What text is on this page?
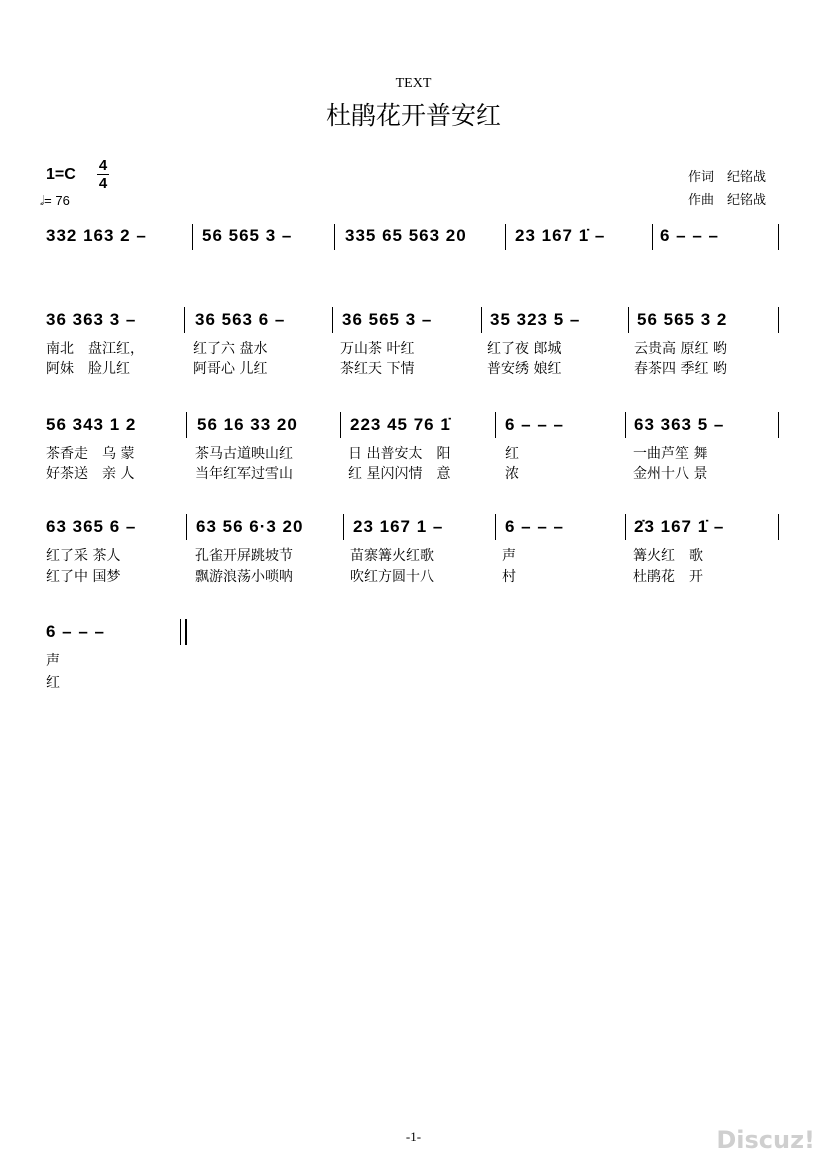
TEXT
杜鹃花开普安红
1=C
4
4
𝅗𝅥= 76
作词　纪铭战
作曲　纪铭战
332 163 2 –	56 565 3 –	335 65 563 20	23 167 1̇ –	6 – – –
36 363 3 –	36 563 6 –	36 565 3 –	35 323 5 –	56 565 3 2
南北　盘江红，	红了六 盘水	万山茶 叶红	红了夜 郎城	云贵高 原红 哟
阿妹　脸儿红	阿哥心 儿红	茶红天 下情	普安绣 娘红	春茶四 季红 哟
56 343 1 2	56 16 33 20	223 45 76 1̇	6 – – –	63 363 5 –
茶香走　乌 蒙	茶马古道映山红	日 出普安太　阳	红	一曲芦笙 舞
好茶送　亲 人	当年红军过雪山	红 星闪闪情　意	浓	金州十八 景
63 365 6 –	63 56 6·3 20	23 167 1 –	6 – – –	2̇3 167 1̇ –
红了采 茶人	孔雀开屏跳坡节	苗寨篝火红歌	声	篝火红　歌
红了中 国梦	飘游浪荡小唢呐	吹红方圆十八	村	杜鹃花　开
6 – – –
声
红
-1-	Discuz!
